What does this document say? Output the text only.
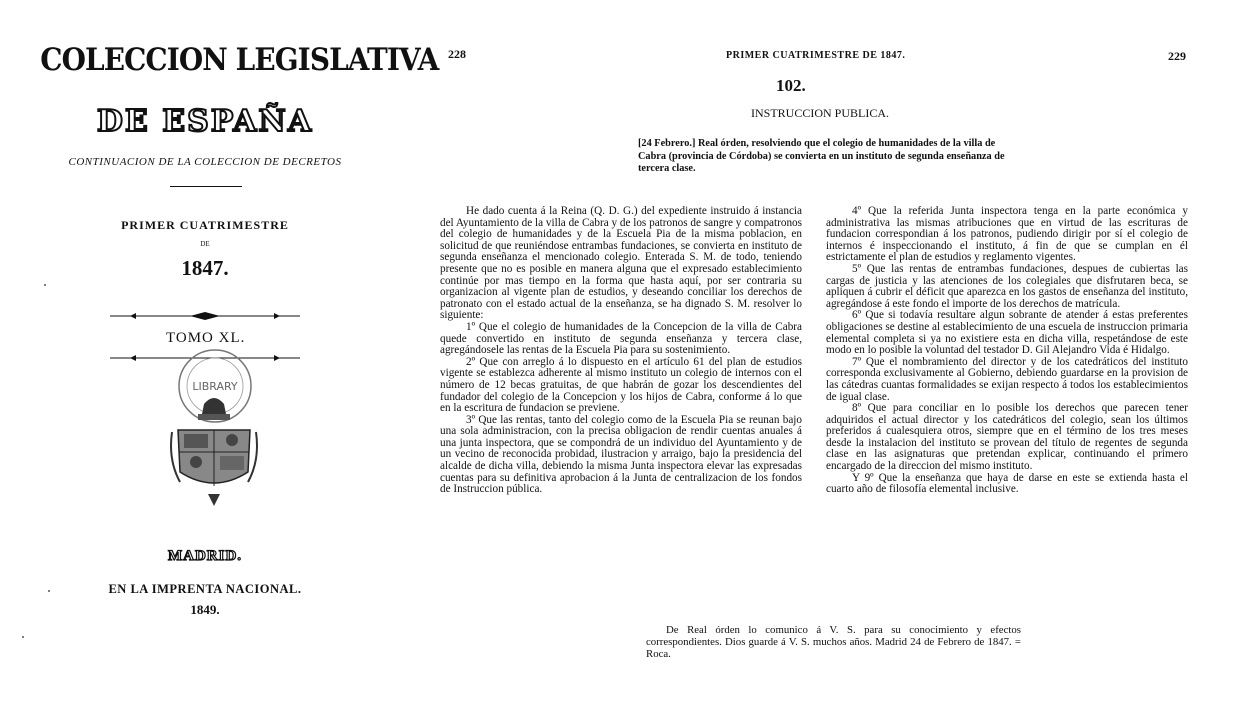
COLECCION LEGISLATIVA
DE ESPAÑA
CONTINUACION DE LA COLECCION DE DECRETOS
PRIMER CUATRIMESTRE
DE
1847.
TOMO XL.
LIBRARY
MADRID.
EN LA IMPRENTA NACIONAL.
1849.
228	PRIMER CUATRIMESTRE DE 1847.	229
102.
INSTRUCCION PUBLICA.
[24 Febrero.] Real órden, resolviendo que el colegio de humanidades de la villa de Cabra (provincia de Córdoba) se convierta en un instituto de segunda enseñanza de tercera clase.

He dado cuenta á la Reina (Q. D. G.) del expediente instruido á instancia del Ayuntamiento de la villa de Cabra y de los patronos de sangre y compatronos del colegio de humanidades y de la Escuela Pia de la misma poblacion, en solicitud de que reuniéndose entrambas fundaciones, se convierta en instituto de segunda enseñanza el mencionado colegio. Enterada S. M. de todo, teniendo presente que no es posible en manera alguna que el expresado establecimiento continúe por mas tiempo en la forma que hasta aquí, por ser contraria su organizacion al vigente plan de estudios, y deseando conciliar los derechos de patronato con el estado actual de la enseñanza, se ha dignado S. M. resolver lo siguiente:

1º Que el colegio de humanidades de la Concepcion de la villa de Cabra quede convertido en instituto de segunda enseñanza y tercera clase, agregándosele las rentas de la Escuela Pia para su sostenimiento.

2º Que con arreglo á lo dispuesto en el artículo 61 del plan de estudios vigente se establezca adherente al mismo instituto un colegio de internos con el número de 12 becas gratuitas, de que habrán de gozar los descendientes del fundador del colegio de la Concepcion y los hijos de Cabra, conforme á lo que en la escritura de fundacion se previene.

3º Que las rentas, tanto del colegio como de la Escuela Pia se reunan bajo una sola administracion, con la precisa obligacion de rendir cuentas anuales á una junta inspectora, que se compondrá de un individuo del Ayuntamiento y de un vecino de reconocida probidad, ilustracion y arraigo, bajo la presidencia del alcalde de dicha villa, debiendo la misma Junta inspectora elevar las expresadas cuentas para su definitiva aprobacion á la Junta de centralizacion de los fondos de Instruccion pública.

4º Que la referida Junta inspectora tenga en la parte económica y administrativa las mismas atribuciones que en virtud de las escrituras de fundacion correspondian á los patronos, pudiendo dirigir por sí el colegio de internos é inspeccionando el instituto, á fin de que se cumplan en él estrictamente el plan de estudios y reglamento vigentes.

5º Que las rentas de entrambas fundaciones, despues de cubiertas las cargas de justicia y las atenciones de los colegiales que disfrutaren beca, se apliquen á cubrir el déficit que aparezca en los gastos de enseñanza del instituto, agregándose á este fondo el importe de los derechos de matrícula.

6º Que si todavía resultare algun sobrante de atender á estas preferentes obligaciones se destine al establecimiento de una escuela de instruccion primaria elemental completa si ya no existiere esta en dicha villa, respetándose de este modo en lo posible la voluntad del testador D. Gil Alejandro Vida é Hidalgo.

7º Que el nombramiento del director y de los catedráticos del instituto corresponda exclusivamente al Gobierno, debiendo guardarse en la provision de las cátedras cuantas formalidades se exijan respecto á todos los establecimientos de igual clase.

8º Que para conciliar en lo posible los derechos que parecen tener adquiridos el actual director y los catedráticos del colegio, sean los últimos preferidos á cualesquiera otros, siempre que en el término de los tres meses desde la instalacion del instituto se provean del título de regentes de segunda clase en las asignaturas que pretendan explicar, continuando el primero encargado de la direccion del mismo instituto.

Y 9º Que la enseñanza que haya de darse en este se extienda hasta el cuarto año de filosofía elemental inclusive.

De Real órden lo comunico á V. S. para su conocimiento y efectos correspondientes. Dios guarde á V. S. muchos años. Madrid 24 de Febrero de 1847. = Roca.
